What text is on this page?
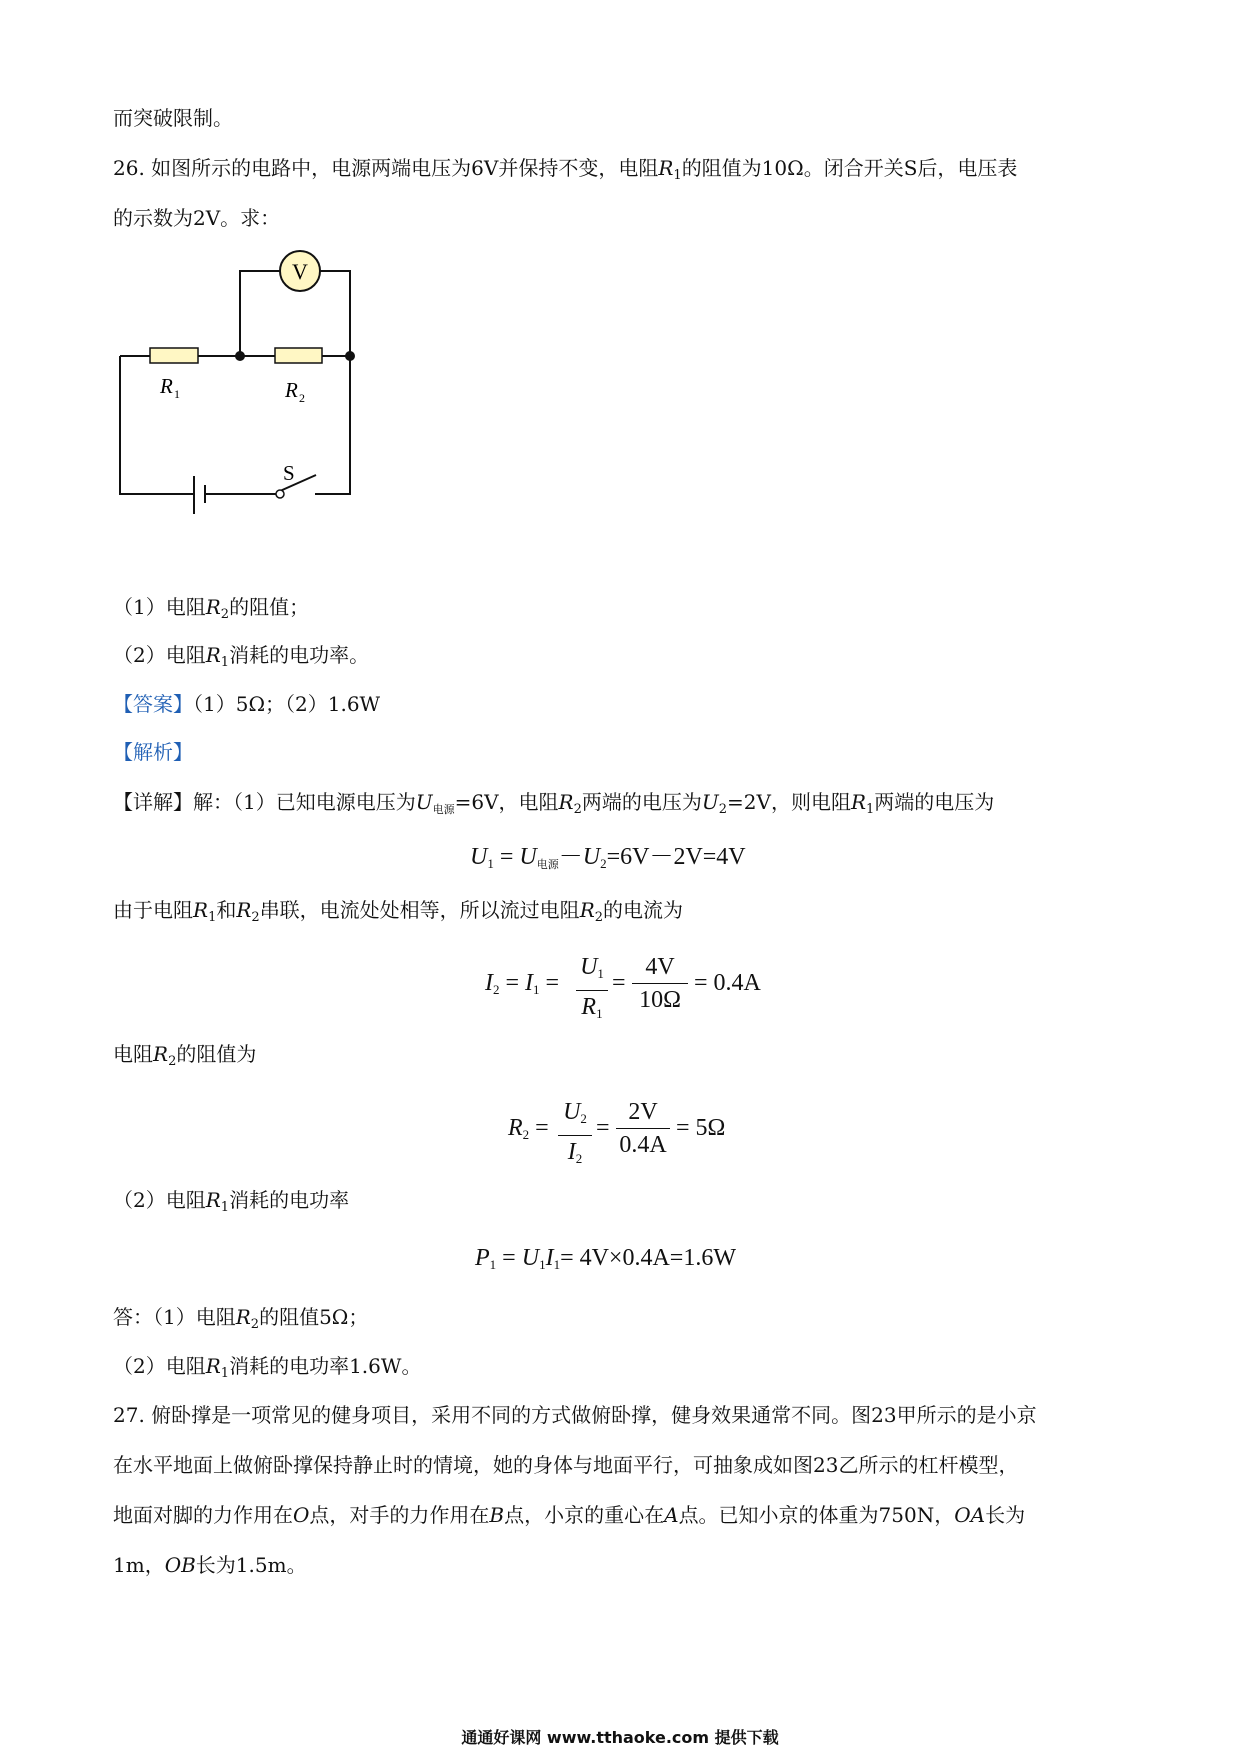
而突破限制。
26. 如图所示的电路中，电源两端电压为6V并保持不变，电阻$R_1$的阻值为10Ω。闭合开关S后，电压表
的示数为2V。求：
V
R 1	R 2
S
（1）电阻$R_2$的阻值；
（2）电阻$R_1$消耗的电功率。
【答案】（1）5Ω；（2）1.6W
【解析】
【详解】解：（1）已知电源电压为$U_{电源}=6V$，电阻$R_2$两端的电压为$U_2=2V$，则电阻$R_1$两端的电压为
$U_1 = U_{电源}-U_2=6V-2V=4V$
由于电阻$R_1$和$R_2$串联，电流处处相等，所以流过电阻$R_2$的电流为
$I_2 = I_1$ =
$U_1$
$R_1$
=
4V
10Ω
= 0.4A
电阻$R_2$的阻值为
$R_2$ =
$U_2$
$I_2$
=
2V
0.4A
= 5Ω
（2）电阻$R_1$消耗的电功率
$P_1 = U_1I_1= 4V\times 0.4A=1.6W$
答：（1）电阻$R_2$的阻值5Ω；
（2）电阻$R_1$消耗的电功率1.6W。
27. 俯卧撑是一项常见的健身项目，采用不同的方式做俯卧撑，健身效果通常不同。图23甲所示的是小京
在水平地面上做俯卧撑保持静止时的情境，她的身体与地面平行，可抽象成如图23乙所示的杠杆模型，
地面对脚的力作用在O点，对手的力作用在B点，小京的重心在A点。已知小京的体重为750N，OA长为
1m，OB长为1.5m。
通通好课网 www.tthaoke.com 提供下载
